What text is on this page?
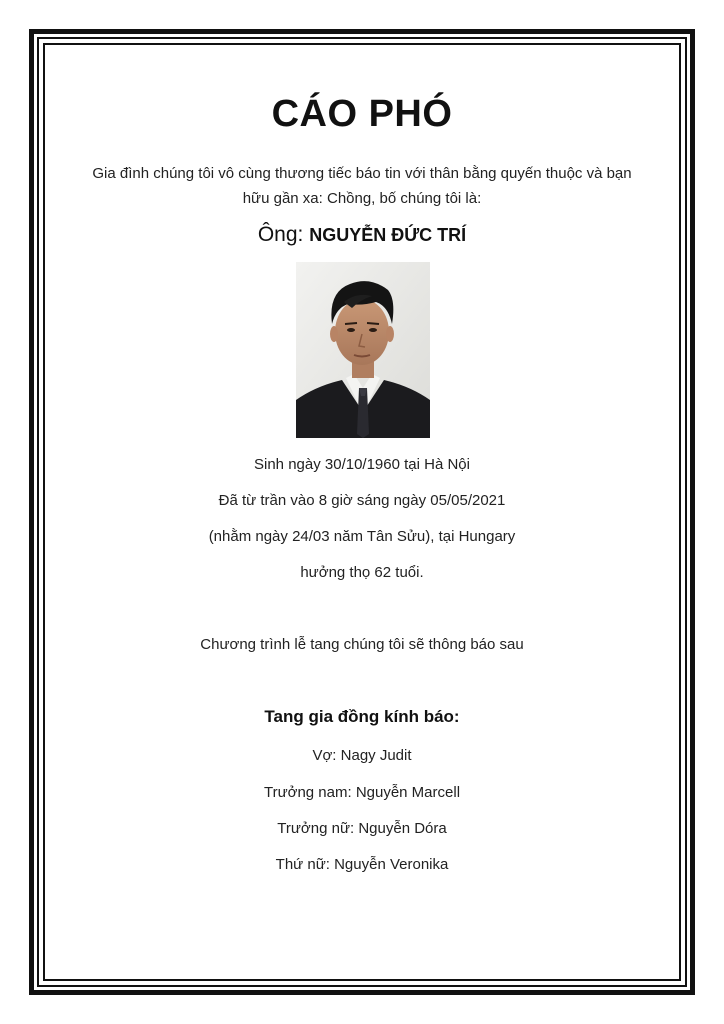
CÁO PHÓ
Gia đình chúng tôi vô cùng thương tiếc báo tin với thân bằng quyến thuộc và bạn hữu gần xa: Chồng, bố chúng tôi là:
Ông: NGUYỄN ĐỨC TRÍ
Sinh ngày 30/10/1960 tại Hà Nội
Đã từ trần vào 8 giờ sáng ngày 05/05/2021
(nhằm ngày 24/03 năm Tân Sửu), tại Hungary
hưởng thọ 62 tuổi.
Chương trình lễ tang chúng tôi sẽ thông báo sau
Tang gia đồng kính báo:
Vợ: Nagy Judit
Trưởng nam: Nguyễn Marcell
Trưởng nữ: Nguyễn Dóra
Thứ nữ: Nguyễn Veronika
